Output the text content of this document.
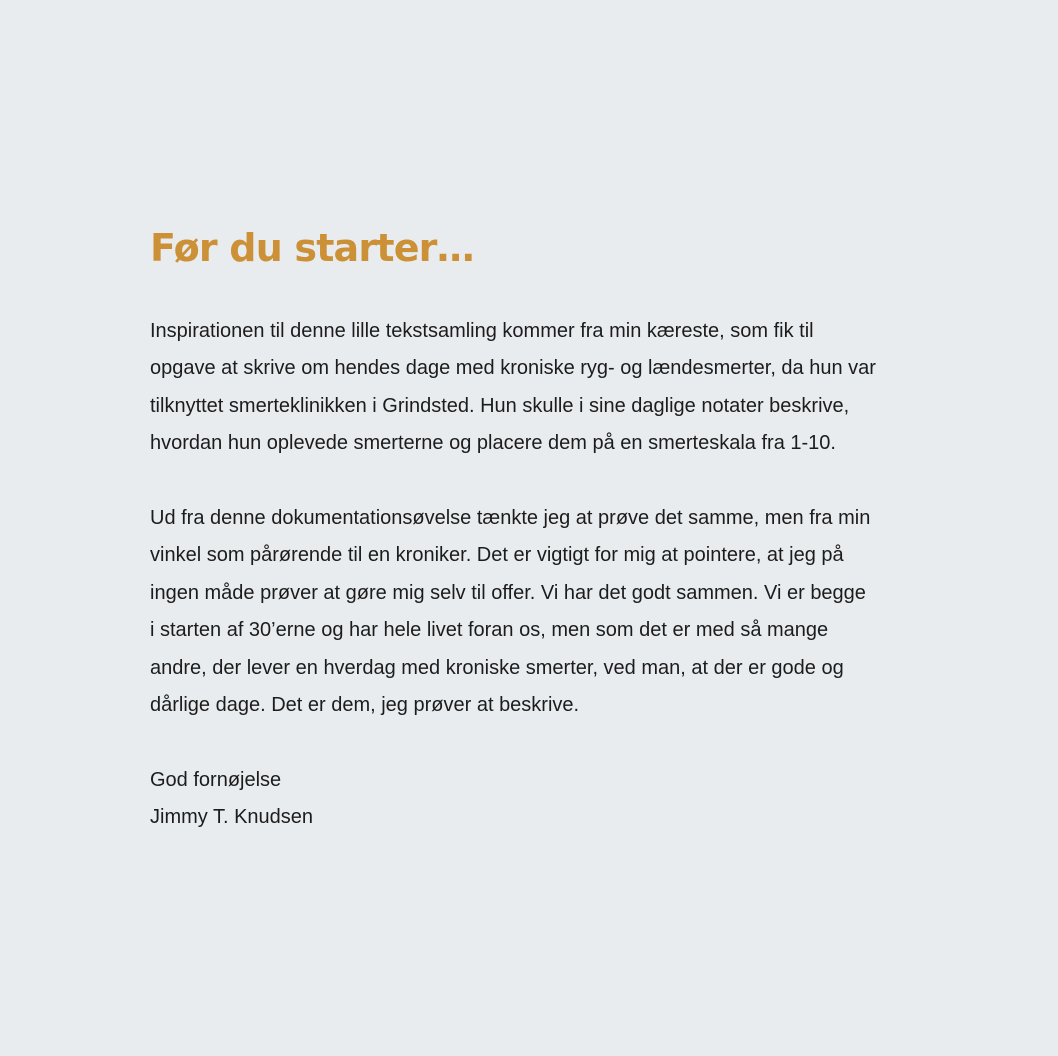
Før du starter…

Inspirationen til denne lille tekstsamling kommer fra min kæreste, som fik til
opgave at skrive om hendes dage med kroniske ryg- og lændesmerter, da hun var
tilknyttet smerteklinikken i Grindsted. Hun skulle i sine daglige notater beskrive,
hvordan hun oplevede smerterne og placere dem på en smerteskala fra 1-10.

Ud fra denne dokumentationsøvelse tænkte jeg at prøve det samme, men fra min
vinkel som pårørende til en kroniker. Det er vigtigt for mig at pointere, at jeg på
ingen måde prøver at gøre mig selv til offer. Vi har det godt sammen. Vi er begge
i starten af 30’erne og har hele livet foran os, men som det er med så mange
andre, der lever en hverdag med kroniske smerter, ved man, at der er gode og
dårlige dage. Det er dem, jeg prøver at beskrive.

God fornøjelse
Jimmy T. Knudsen
